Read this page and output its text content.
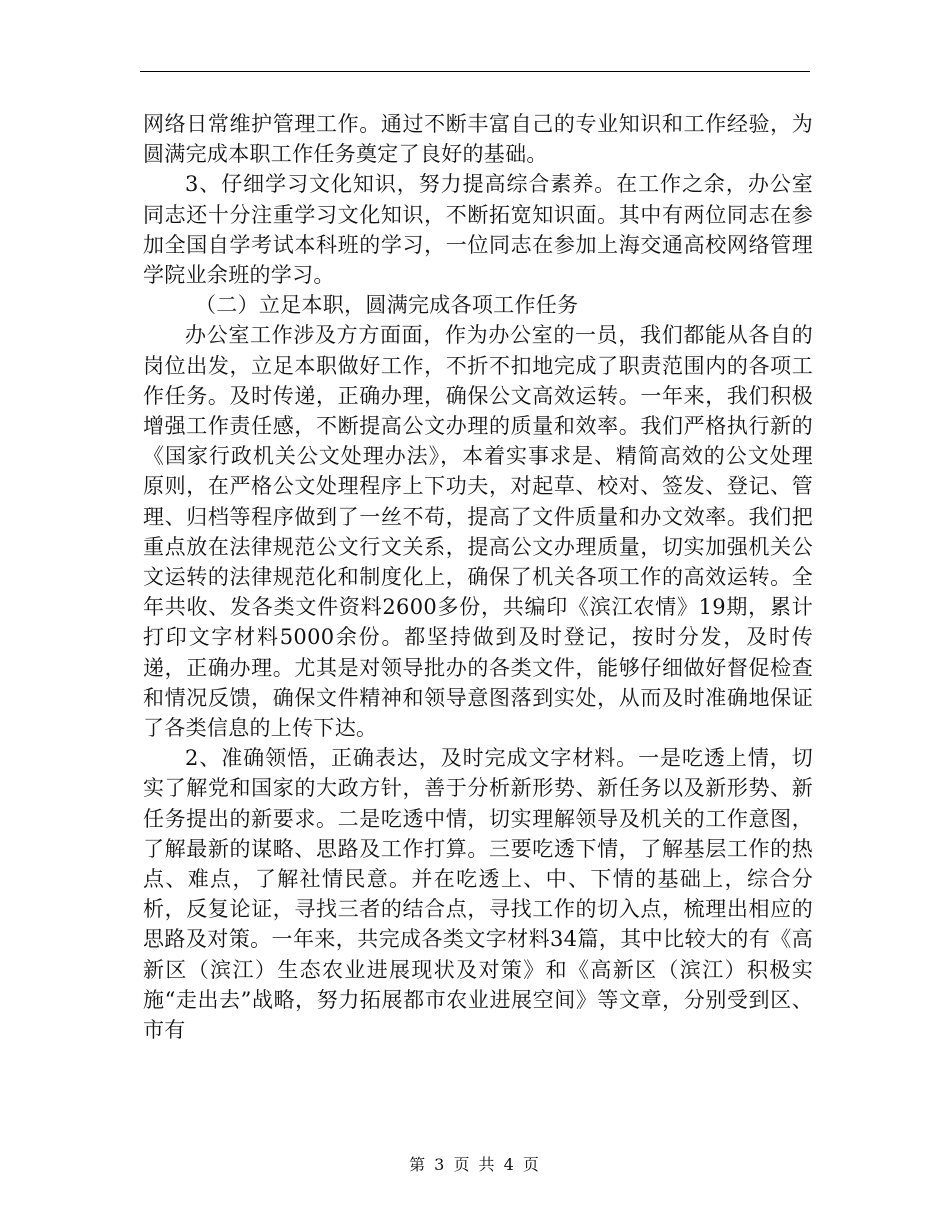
网络日常维护管理工作。通过不断丰富自己的专业知识和工作经验，为圆满完成本职工作任务奠定了良好的基础。

3、仔细学习文化知识，努力提高综合素养。在工作之余，办公室同志还十分注重学习文化知识，不断拓宽知识面。其中有两位同志在参加全国自学考试本科班的学习，一位同志在参加上海交通高校网络管理学院业余班的学习。

（二）立足本职，圆满完成各项工作任务

办公室工作涉及方方面面，作为办公室的一员，我们都能从各自的岗位出发，立足本职做好工作，不折不扣地完成了职责范围内的各项工作任务。及时传递，正确办理，确保公文高效运转。一年来，我们积极增强工作责任感，不断提高公文办理的质量和效率。我们严格执行新的《国家行政机关公文处理办法》，本着实事求是、精简高效的公文处理原则，在严格公文处理程序上下功夫，对起草、校对、签发、登记、管理、归档等程序做到了一丝不苟，提高了文件质量和办文效率。我们把重点放在法律规范公文行文关系，提高公文办理质量，切实加强机关公文运转的法律规范化和制度化上，确保了机关各项工作的高效运转。全年共收、发各类文件资料2600多份，共编印《滨江农情》19期，累计打印文字材料5000余份。都坚持做到及时登记，按时分发，及时传递，正确办理。尤其是对领导批办的各类文件，能够仔细做好督促检查和情况反馈，确保文件精神和领导意图落到实处，从而及时准确地保证了各类信息的上传下达。

2、准确领悟，正确表达，及时完成文字材料。一是吃透上情，切实了解党和国家的大政方针，善于分析新形势、新任务以及新形势、新任务提出的新要求。二是吃透中情，切实理解领导及机关的工作意图，了解最新的谋略、思路及工作打算。三要吃透下情，了解基层工作的热点、难点，了解社情民意。并在吃透上、中、下情的基础上，综合分析，反复论证，寻找三者的结合点，寻找工作的切入点，梳理出相应的思路及对策。一年来，共完成各类文字材料34篇，其中比较大的有《高新区（滨江）生态农业进展现状及对策》和《高新区（滨江）积极实施“走出去”战略，努力拓展都市农业进展空间》等文章，分别受到区、市有

第 3 页 共 4 页
